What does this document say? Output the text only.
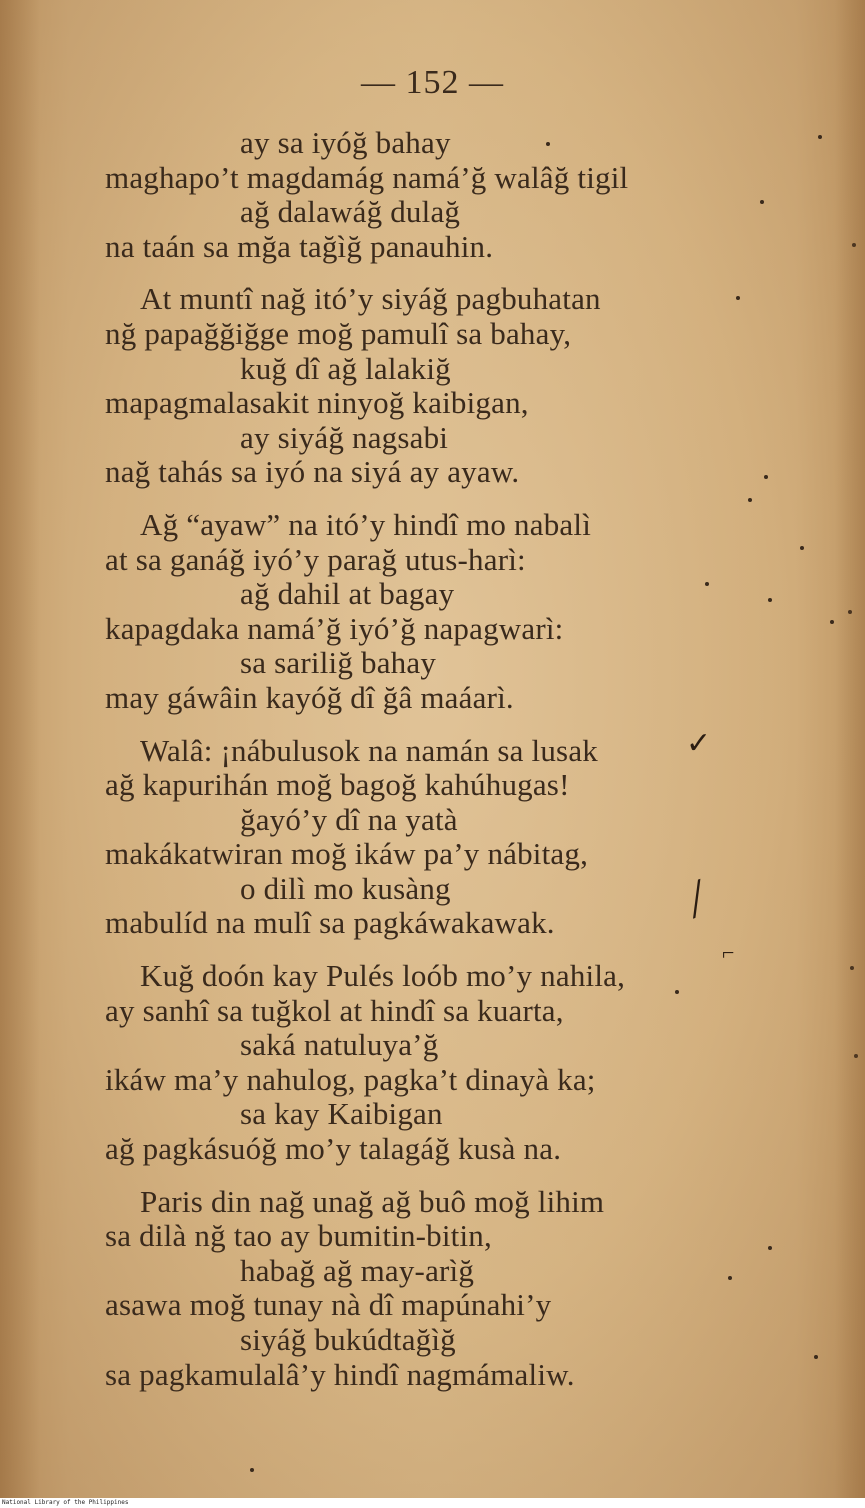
— 152 —
ay sa iyóğ bahay
maghapo’t magdamág namá’ğ walâğ tigil
ağ dalawáğ dulağ
na taán sa mğa tağìğ panauhin.
At muntî nağ itó’y siyáğ pagbuhatan
nğ papağğiğge moğ pamulî sa bahay,
kuğ dî ağ lalakiğ
mapagmalasakit ninyoğ kaibigan,
ay siyáğ nagsabi
nağ tahás sa iyó na siyá ay ayaw.
Ağ “ayaw” na itó’y hindî mo nabalì
at sa ganáğ iyó’y parağ utus-harì:
ağ dahil at bagay
kapagdaka namá’ğ iyó’ğ napagwarì:
sa sariliğ bahay
may gáwâin kayóğ dî ğâ maáarì.
Walâ: ¡nábulusok na namán sa lusak
ağ kapurihán moğ bagoğ kahúhugas!
ğayó’y dî na yatà
makákatwiran moğ ikáw pa’y nábitag,
o dilì mo kusàng
mabulíd na mulî sa pagkáwakawak.
Kuğ doón kay Pulés loób mo’y nahila,
ay sanhî sa tuğkol at hindî sa kuarta,
saká natuluya’ğ
ikáw ma’y nahulog, pagka’t dinayà ka;
sa kay Kaibigan
ağ pagkásuóğ mo’y talagáğ kusà na.
Paris din nağ unağ ağ buô moğ lihim
sa dilà nğ tao ay bumitin-bitin,
habağ ağ may-arìğ
asawa moğ tunay nà dî mapúnahi’y
siyáğ bukúdtağìğ
sa pagkamulalâ’y hindî nagmámaliw.
✓
╱
⌐
National Library of the Philippines
